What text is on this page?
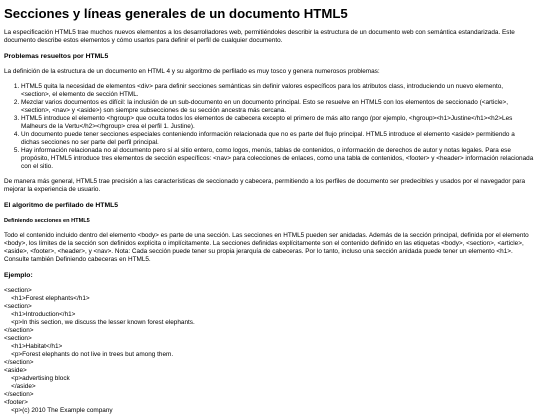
Secciones y líneas generales de un documento HTML5

La especificación HTML5 trae muchos nuevos elementos a los desarrolladores web, permitiéndoles describir la estructura de un documento web con semántica estandarizada. Este documento describe estos elementos y cómo usarlos para definir el perfil de cualquier documento.

Problemas resueltos por HTML5

La definición de la estructura de un documento en HTML 4 y su algoritmo de perfilado es muy tosco y genera numerosos problemas:

1. HTML5 quita la necesidad de elementos <div> para definir secciones semánticas sin definir valores específicos para los atributos class, introduciendo un nuevo elemento, <section>, el elemento de sección HTML.
2. Mezclar varios documentos es difícil: la inclusión de un sub-documento en un documento principal. Esto se resuelve en HTML5 con los elementos de seccionado (<article>, <section>, <nav> y <aside>) son siempre subsecciones de su sección ancestra más cercana.
3. HTML5 introduce el elemento <hgroup> que oculta todos los elementos de cabecera excepto el primero de más alto rango (por ejemplo, <hgroup><h1>Justine</h1><h2>Les Malheurs de la Vertu</h2></hgroup> crea el perfil 1. Justine).
4. Un documento puede tener secciones especiales conteniendo información relacionada que no es parte del flujo principal. HTML5 introduce el elemento <aside> permitiendo a dichas secciones no ser parte del perfil principal.
5. Hay información relacionada no al documento pero sí al sitio entero, como logos, menús, tablas de contenidos, o información de derechos de autor y notas legales. Para ese propósito, HTML5 introduce tres elementos de sección específicos: <nav> para colecciones de enlaces, como una tabla de contenidos, <footer> y <header> información relacionada con el sitio.

De manera más general, HTML5 trae precisión a las características de seccionado y cabecera, permitiendo a los perfiles de documento ser predecibles y usados por el navegador para mejorar la experiencia de usuario.

El algoritmo de perfilado de HTML5
Definiendo secciones en HTML5

Todo el contenido incluido dentro del elemento <body> es parte de una sección. Las secciones en HTML5 pueden ser anidadas. Además de la sección principal, definida por el elemento <body>, los límites de la sección son definidos explícita o implícitamente. La secciones definidas explícitamente son el contenido definido en las etiquetas <body>, <section>, <article>, <aside>, <footer>, <header>, y <nav>. Nota: Cada sección puede tener su propia jerarquía de cabeceras. Por lo tanto, incluso una sección anidada puede tener un elemento <h1>. Consulte también Definiendo cabeceras en HTML5.

Ejemplo:
<section>
<h1>Forest elephants</h1>
<section>
<h1>Introduction</h1>
<p>In this section, we discuss the lesser known forest elephants.
</section>
<section>
<h1>Habitat</h1>
<p>Forest elephants do not live in trees but among them.
</section>
<aside>
<p>advertising block
</aside>
</section>
<footer>
<p>(c) 2010 The Example company
